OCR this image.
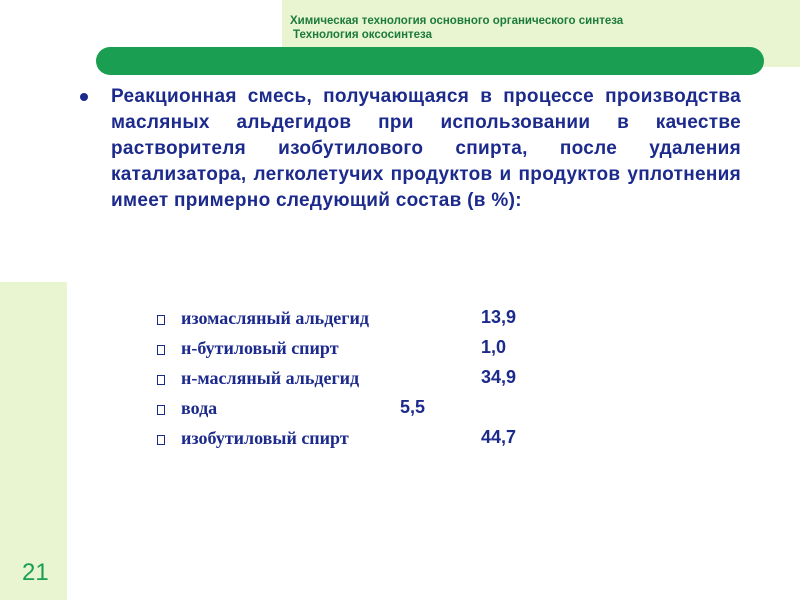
Химическая технология основного органического синтеза
Технология оксосинтеза
Реакционная смесь, получающаяся в процессе производства масляных альдегидов при использовании в качестве растворителя изобутилового спирта, после удаления катализатора, легколетучих продуктов и продуктов уплотнения имеет примерно следующий состав (в %):
изомасляный альдегид	13,9
н-бутиловый спирт	1,0
н-масляный альдегид	34,9
вода	5,5
изобутиловый спирт	44,7
21
